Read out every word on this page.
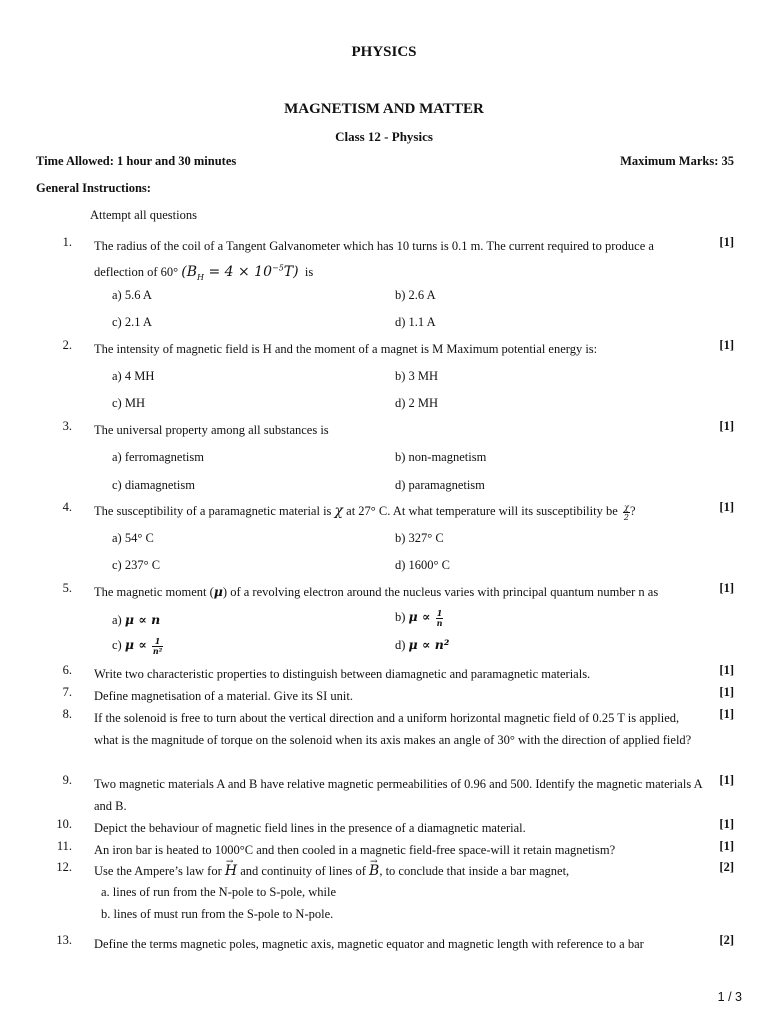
PHYSICS
MAGNETISM AND MATTER
Class 12 - Physics
Time Allowed: 1 hour and 30 minutes	Maximum Marks: 35
General Instructions:
Attempt all questions
1. The radius of the coil of a Tangent Galvanometer which has 10 turns is 0.1 m. The current required to produce a
deflection of 60° $(B_H = 4 \times 10^{-5}T)$ is
[1]
a) 5.6 A	b) 2.6 A
c) 2.1 A	d) 1.1 A
2. The intensity of magnetic field is H and the moment of a magnet is M Maximum potential energy is:	[1]
a) 4 MH	b) 3 MH
c) MH	d) 2 MH
3. The universal property among all substances is	[1]
a) ferromagnetism	b) non-magnetism
c) diamagnetism	d) paramagnetism
4. The susceptibility of a paramagnetic material is χ at 27° C. At what temperature will its susceptibility be $\frac{\chi}{2}$ ?	[1]
a) 54° C	b) 327° C
c) 237° C	d) 1600° C
5. The magnetic moment (μ) of a revolving electron around the nucleus varies with principal quantum number n as	[1]
a) μ ∝ n	b) $\mu \propto \frac{1}{n}$
c) $\mu \propto \frac{1}{\text{n²}}$	d) μ ∝ n²
6. Write two characteristic properties to distinguish between diamagnetic and paramagnetic materials.	[1]
7. Define magnetisation of a material. Give its SI unit.	[1]
8. If the solenoid is free to turn about the vertical direction and a uniform horizontal magnetic field of 0.25 T is applied, what is the magnitude of torque on the solenoid when its axis makes an angle of 30° with the direction of applied field?
[1]
9. Two magnetic materials A and B have relative magnetic permeabilities of 0.96 and 500. Identify the magnetic materials A and B.
[1]
10. Depict the behaviour of magnetic field lines in the presence of a diamagnetic material.	[1]
11. An iron bar is heated to 1000°C and then cooled in a magnetic field-free space-will it retain magnetism?	[1]
12. Use the Ampere’s law for → H and continuity of lines of → B, to conclude that inside a bar magnet,	[2]
a. lines of run from the N-pole to S-pole, while
b. lines of must run from the S-pole to N-pole.
13. Define the terms magnetic poles, magnetic axis, magnetic equator and magnetic length with reference to a bar	[2]
1 / 3
